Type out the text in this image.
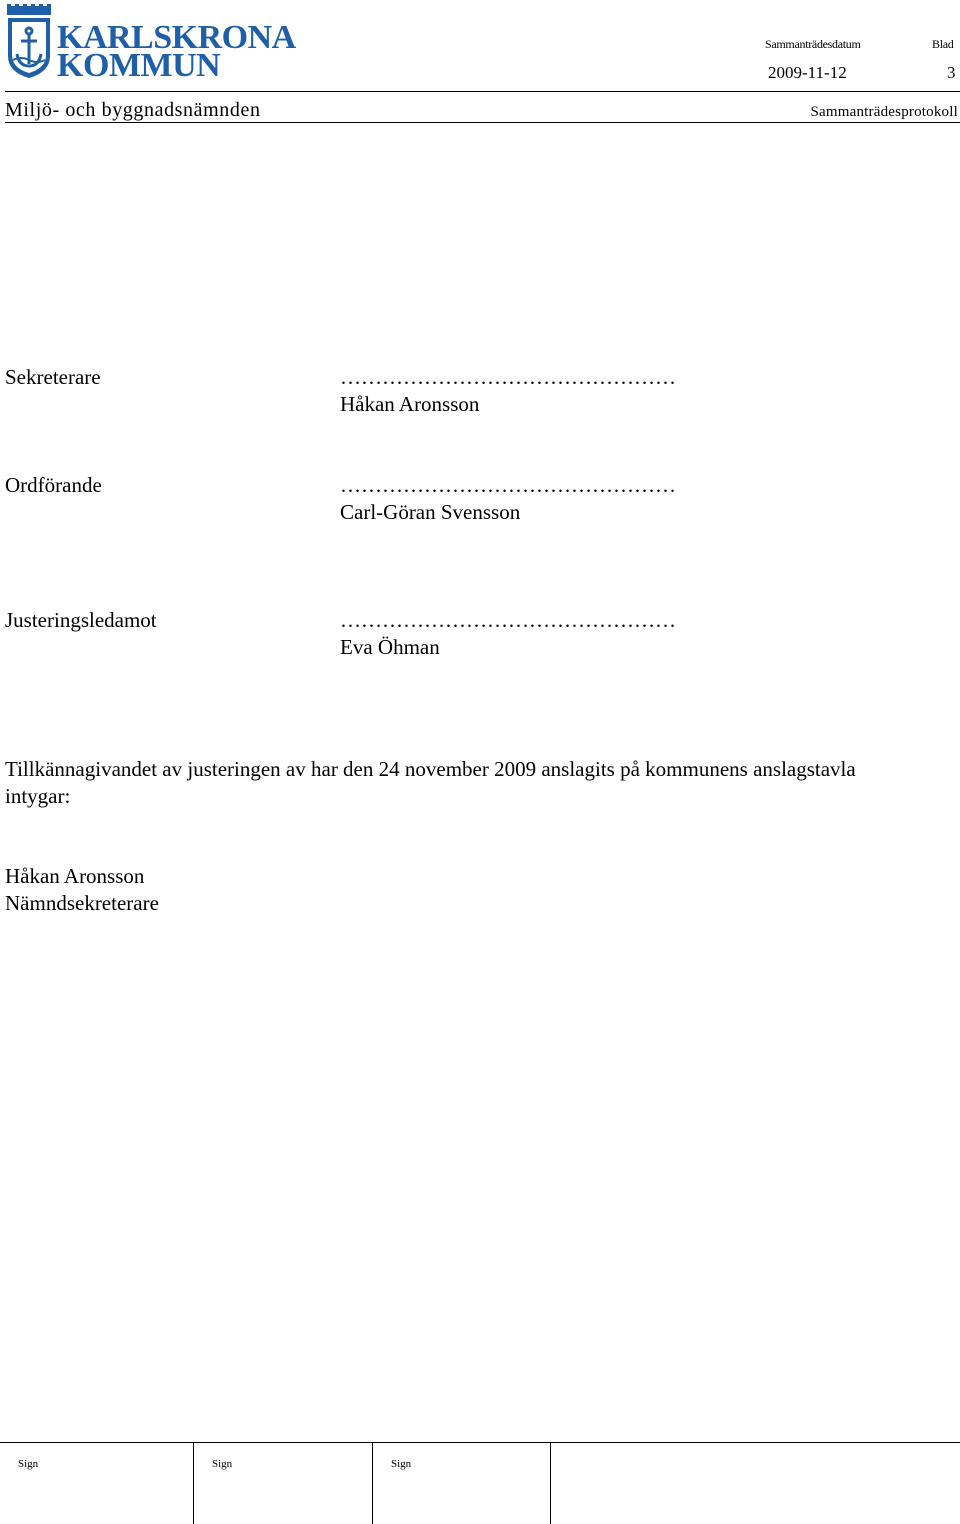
KARLSKRONA
KOMMUN
Sammanträdesdatum	Blad
2009-11-12	3
Miljö- och byggnadsnämnden	Sammanträdesprotokoll
Sekreterare	…………………………………………
Håkan Aronsson
Ordförande	…………………………………………
Carl-Göran Svensson
Justeringsledamot	…………………………………………
Eva Öhman
Tillkännagivandet av justeringen av har den 24 november 2009 anslagits på kommunens anslagstavla
intygar:
Håkan Aronsson
Nämndsekreterare
Sign	Sign	Sign
